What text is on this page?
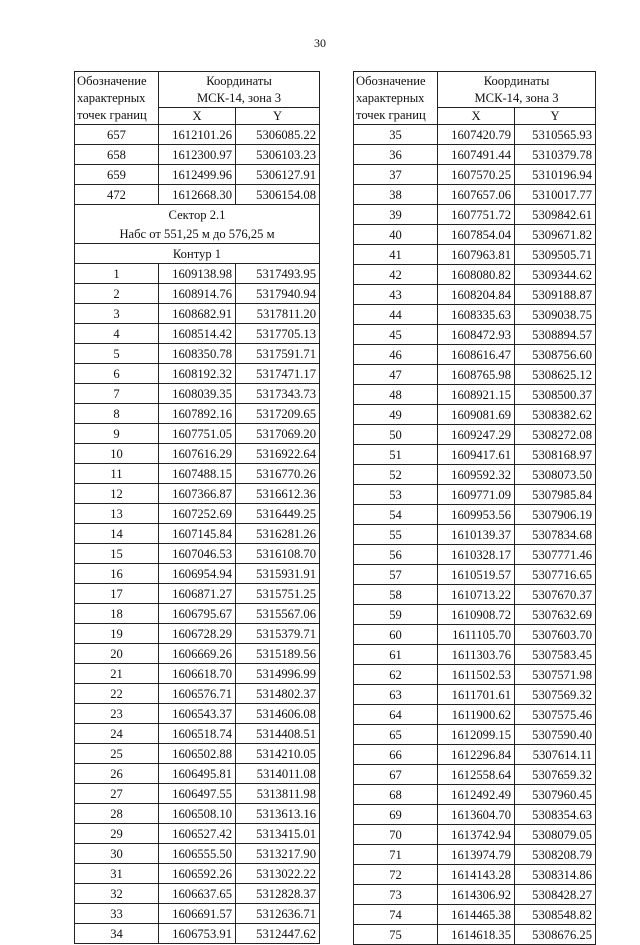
30
Обозначение
характерных
точек границ	Координаты	
	МСК-14, зона 3	
	X	Y
657	1612101.26	5306085.22
658	1612300.97	5306103.23
659	1612499.96	5306127.91
472	1612668.30	5306154.08
Сектор 2.1		
Набс от 551,25 м до 576,25 м		
Контур 1		
1	1609138.98	5317493.95
2	1608914.76	5317940.94
3	1608682.91	5317811.20
4	1608514.42	5317705.13
5	1608350.78	5317591.71
6	1608192.32	5317471.17
7	1608039.35	5317343.73
8	1607892.16	5317209.65
9	1607751.05	5317069.20
10	1607616.29	5316922.64
11	1607488.15	5316770.26
12	1607366.87	5316612.36
13	1607252.69	5316449.25
14	1607145.84	5316281.26
15	1607046.53	5316108.70
16	1606954.94	5315931.91
17	1606871.27	5315751.25
18	1606795.67	5315567.06
19	1606728.29	5315379.71
20	1606669.26	5315189.56
21	1606618.70	5314996.99
22	1606576.71	5314802.37
23	1606543.37	5314606.08
24	1606518.74	5314408.51
25	1606502.88	5314210.05
26	1606495.81	5314011.08
27	1606497.55	5313811.98
28	1606508.10	5313613.16
29	1606527.42	5313415.01
30	1606555.50	5313217.90
31	1606592.26	5313022.22
32	1606637.65	5312828.37
33	1606691.57	5312636.71
34	1606753.91	5312447.62
Обозначение
характерных
точек границ	Координаты	
	МСК-14, зона 3	
	X	Y
35	1607420.79	5310565.93
36	1607491.44	5310379.78
37	1607570.25	5310196.94
38	1607657.06	5310017.77
39	1607751.72	5309842.61
40	1607854.04	5309671.82
41	1607963.81	5309505.71
42	1608080.82	5309344.62
43	1608204.84	5309188.87
44	1608335.63	5309038.75
45	1608472.93	5308894.57
46	1608616.47	5308756.60
47	1608765.98	5308625.12
48	1608921.15	5308500.37
49	1609081.69	5308382.62
50	1609247.29	5308272.08
51	1609417.61	5308168.97
52	1609592.32	5308073.50
53	1609771.09	5307985.84
54	1609953.56	5307906.19
55	1610139.37	5307834.68
56	1610328.17	5307771.46
57	1610519.57	5307716.65
58	1610713.22	5307670.37
59	1610908.72	5307632.69
60	1611105.70	5307603.70
61	1611303.76	5307583.45
62	1611502.53	5307571.98
63	1611701.61	5307569.32
64	1611900.62	5307575.46
65	1612099.15	5307590.40
66	1612296.84	5307614.11
67	1612558.64	5307659.32
68	1612492.49	5307960.45
69	1613604.70	5308354.63
70	1613742.94	5308079.05
71	1613974.79	5308208.79
72	1614143.28	5308314.86
73	1614306.92	5308428.27
74	1614465.38	5308548.82
75	1614618.35	5308676.25
